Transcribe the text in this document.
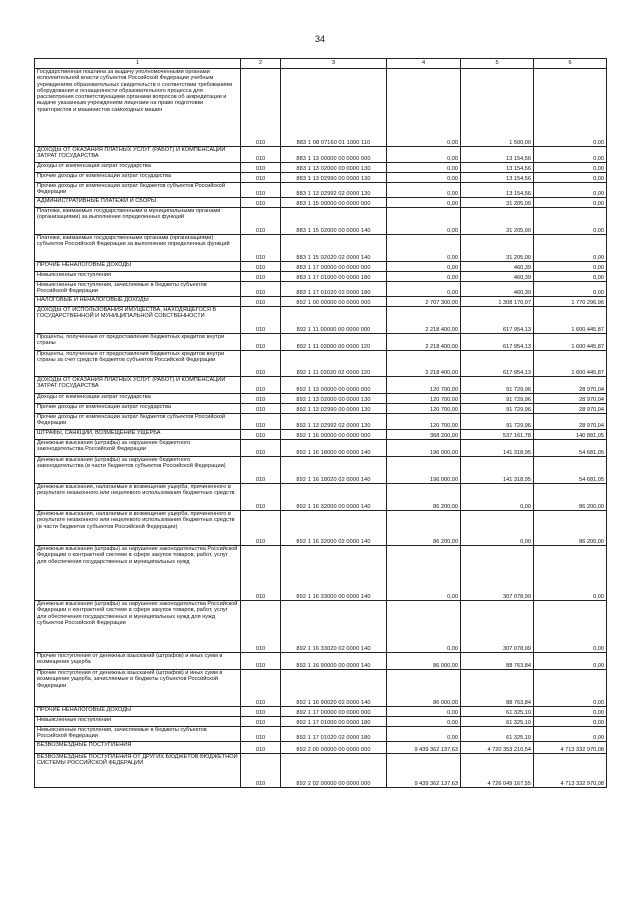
34
1	2	3	4	5	6
Государственная пошлина за выдачу уполномоченными органами исполнительной власти субъектов Российской Федерации учебным учреждениям образовательных свидетельств о соответствии требованиям оборудования и оснащенности образовательного процесса для рассмотрения соответствующими органами вопросов об аккредитации и выдаче указанным учреждениям лицензии на право подготовки трактористов и машинистов самоходных машин	010	883 1 08 07160 01 1000 110	0,00	1 500,00	0,00
ДОХОДЫ ОТ ОКАЗАНИЯ ПЛАТНЫХ УСЛУГ (РАБОТ) И КОМПЕНСАЦИИ ЗАТРАТ ГОСУДАРСТВА	010	883 1 13 00000 00 0000 000	0,00	13 154,56	0,00
Доходы от компенсации затрат государства	010	883 1 13 02000 00 0000 130	0,00	13 154,56	0,00
Прочие доходы от компенсации затрат государства	010	883 1 13 02990 00 0000 130	0,00	13 154,56	0,00
Прочие доходы от компенсации затрат бюджетов субъектов Российской Федерации	010	883 1 13 02992 02 0000 130	0,00	13 154,56	0,00
АДМИНИСТРАТИВНЫЕ ПЛАТЕЖИ И СБОРЫ	010	883 1 15 00000 00 0000 000	0,00	31 205,00	0,00
Платежи, взимаемые государственными и муниципальными органами (организациями) за выполнение определенных функций	010	883 1 15 02000 00 0000 140	0,00	31 205,00	0,00
Платежи, взимаемые государственными органами (организациями) субъектов Российской Федерации за выполнение определенных функций	010	883 1 15 02020 02 0000 140	0,00	31 205,00	0,00
ПРОЧИЕ НЕНАЛОГОВЫЕ ДОХОДЫ	010	883 1 17 00000 00 0000 000	0,00	460,39	0,00
Невыясненные поступления	010	883 1 17 01000 00 0000 180	0,00	460,39	0,00
Невыясненные поступления, зачисляемые в бюджеты субъектов Российской Федерации	010	883 1 17 01020 02 0000 180	0,00	460,39	0,00
НАЛОГОВЫЕ И НЕНАЛОГОВЫЕ ДОХОДЫ	010	892 1 00 00000 00 0000 000	2 707 300,00	1 308 170,97	1 770 296,96
ДОХОДЫ ОТ ИСПОЛЬЗОВАНИЯ ИМУЩЕСТВА, НАХОДЯЩЕГОСЯ В ГОСУДАРСТВЕННОЙ И МУНИЦИПАЛЬНОЙ СОБСТВЕННОСТИ	010	892 1 11 00000 00 0000 000	2 218 400,00	617 954,13	1 600 445,87
Проценты, полученные от предоставления бюджетных кредитов внутри страны	010	892 1 11 03000 00 0000 120	2 218 400,00	617 954,13	1 600 445,87
Проценты, полученные от предоставления бюджетных кредитов внутри страны за счет средств бюджетов субъектов Российской Федерации	010	892 1 11 03020 02 0000 120	2 218 400,00	617 954,13	1 600 445,87
ДОХОДЫ ОТ ОКАЗАНИЯ ПЛАТНЫХ УСЛУГ (РАБОТ) И КОМПЕНСАЦИИ ЗАТРАТ ГОСУДАРСТВА	010	892 1 13 00000 00 0000 000	120 700,00	91 729,96	28 970,04
Доходы от компенсации затрат государства	010	892 1 13 02000 00 0000 130	120 700,00	91 729,96	28 970,04
Прочие доходы от компенсации затрат государства	010	892 1 13 02990 00 0000 130	120 700,00	91 729,96	28 970,04
Прочие доходы от компенсации затрат бюджетов субъектов Российской Федерации	010	892 1 13 02992 02 0000 130	120 700,00	91 729,96	28 970,04
ШТРАФЫ, САНКЦИИ, ВОЗМЕЩЕНИЕ УЩЕРБА	010	892 1 16 00000 00 0000 000	368 200,00	537 161,78	140 881,05
Денежные взыскания (штрафы) за нарушение бюджетного законодательства Российской Федерации	010	892 1 16 18000 00 0000 140	196 000,00	141 318,95	54 681,05
Денежные взыскания (штрафы) за нарушение бюджетного законодательства (в части бюджетов субъектов Российской Федерации)	010	892 1 16 18020 02 0000 140	196 000,00	141 318,95	54 681,05
Денежные взыскания, налагаемые в возмещение ущерба, причиненного в результате незаконного или нецелевого использования бюджетных средств	010	892 1 16 32000 00 0000 140	86 200,00	0,00	86 200,00
Денежные взыскания, налагаемые в возмещение ущерба, причиненного в результате незаконного или нецелевого использования бюджетных средств (в части бюджетов субъектов Российской Федерации)	010	892 1 16 32000 02 0000 140	86 200,00	0,00	86 200,00
Денежные взыскания (штрафы) за нарушение законодательства Российской Федерации о контрактной системе в сфере закупок товаров, работ, услуг для обеспечения государственных и муниципальных нужд	010	892 1 16 33000 00 0000 140	0,00	307 078,99	0,00
Денежные взыскания (штрафы) за нарушение законодательства Российской Федерации о контрактной системе в сфере закупок товаров, работ, услуг для обеспечения государственных и муниципальных нужд для нужд субъектов Российской Федерации	010	892 1 16 33020 02 0000 140	0,00	307 078,99	0,00
Прочие поступления от денежных взысканий (штрафов) и иных сумм в возмещение ущерба	010	892 1 16 90000 00 0000 140	86 000,00	88 763,84	0,00
Прочие поступления от денежных взысканий (штрафов) и иных сумм в возмещение ущерба, зачисляемые в бюджеты субъектов Российской Федерации	010	892 1 16 90020 02 0000 140	86 000,00	88 763,84	0,00
ПРОЧИЕ НЕНАЛОГОВЫЕ ДОХОДЫ	010	892 1 17 00000 00 0000 000	0,00	61 325,10	0,00
Невыясненные поступления	010	892 1 17 01000 00 0000 180	0,00	61 325,10	0,00
Невыясненные поступления, зачисляемые в бюджеты субъектов Российской Федерации	010	892 1 17 01020 02 0000 180	0,00	61 325,10	0,00
БЕЗВОЗМЕЗДНЫЕ ПОСТУПЛЕНИЯ	010	892 2 00 00000 00 0000 000	9 439 362 137,63	4 720 353 210,54	4 713 332 970,08
БЕЗВОЗМЕЗДНЫЕ ПОСТУПЛЕНИЯ ОТ ДРУГИХ БЮДЖЕТОВ БЮДЖЕТНОЙ СИСТЕМЫ РОССИЙСКОЙ ФЕДЕРАЦИИ	010	892 2 02 00000 00 0000 000	9 439 362 137,63	4 726 049 167,55	4 713 332 970,08
